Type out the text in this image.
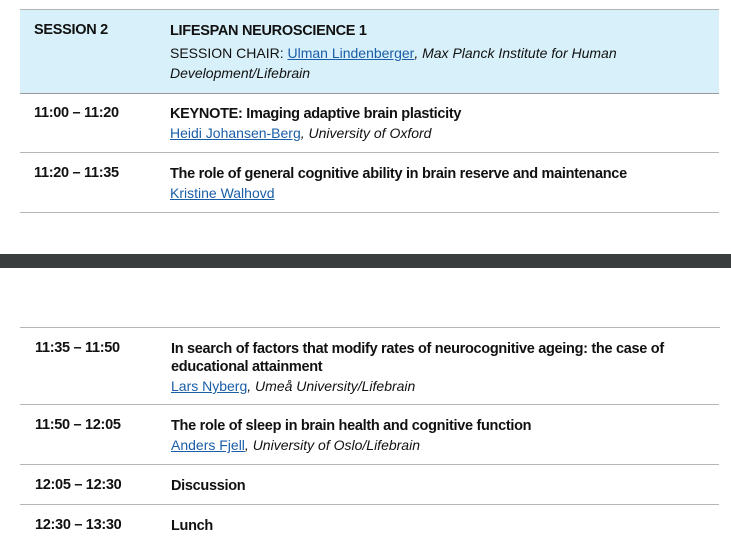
SESSION 2	LIFESPAN NEUROSCIENCE 1
SESSION CHAIR: Ulman Lindenberger, Max Planck Institute for Human Development/Lifebrain
11:00 – 11:20	KEYNOTE: Imaging adaptive brain plasticity
Heidi Johansen-Berg, University of Oxford
11:20 – 11:35	The role of general cognitive ability in brain reserve and maintenance
Kristine Walhovd
11:35 – 11:50	In search of factors that modify rates of neurocognitive ageing: the case of educational attainment
Lars Nyberg, Umeå University/Lifebrain
11:50 – 12:05	The role of sleep in brain health and cognitive function
Anders Fjell, University of Oslo/Lifebrain
12:05 – 12:30	Discussion
12:30 – 13:30	Lunch
